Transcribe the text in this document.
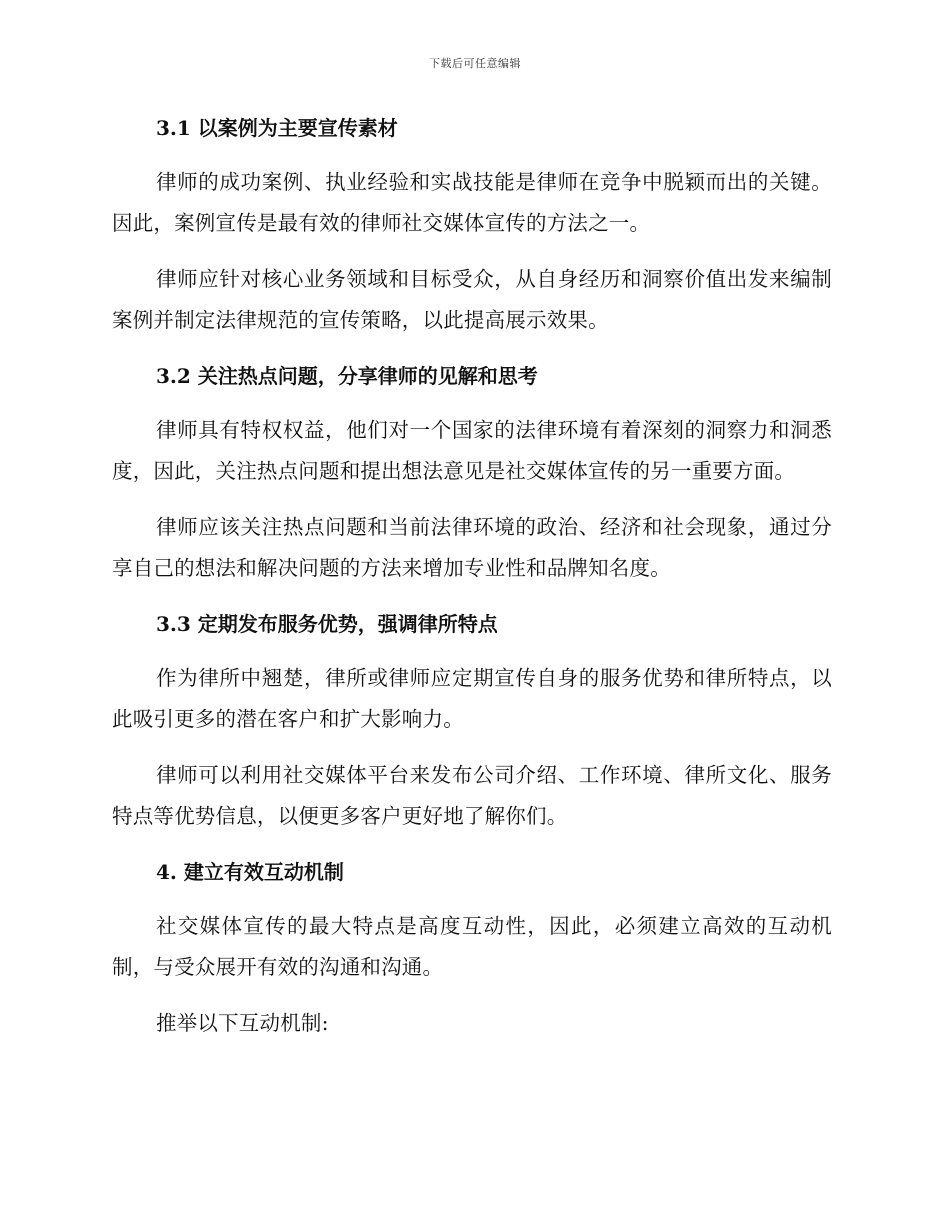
下载后可任意编辑
3.1 以案例为主要宣传素材

律师的成功案例、执业经验和实战技能是律师在竞争中脱颖而出的关键。因此，案例宣传是最有效的律师社交媒体宣传的方法之一。

律师应针对核心业务领域和目标受众，从自身经历和洞察价值出发来编制案例并制定法律规范的宣传策略，以此提高展示效果。

3.2 关注热点问题，分享律师的见解和思考

律师具有特权权益，他们对一个国家的法律环境有着深刻的洞察力和洞悉度，因此，关注热点问题和提出想法意见是社交媒体宣传的另一重要方面。

律师应该关注热点问题和当前法律环境的政治、经济和社会现象，通过分享自己的想法和解决问题的方法来增加专业性和品牌知名度。

3.3 定期发布服务优势，强调律所特点

作为律所中翘楚，律所或律师应定期宣传自身的服务优势和律所特点，以此吸引更多的潜在客户和扩大影响力。

律师可以利用社交媒体平台来发布公司介绍、工作环境、律所文化、服务特点等优势信息，以便更多客户更好地了解你们。

4. 建立有效互动机制

社交媒体宣传的最大特点是高度互动性，因此，必须建立高效的互动机制，与受众展开有效的沟通和沟通。

推举以下互动机制:
